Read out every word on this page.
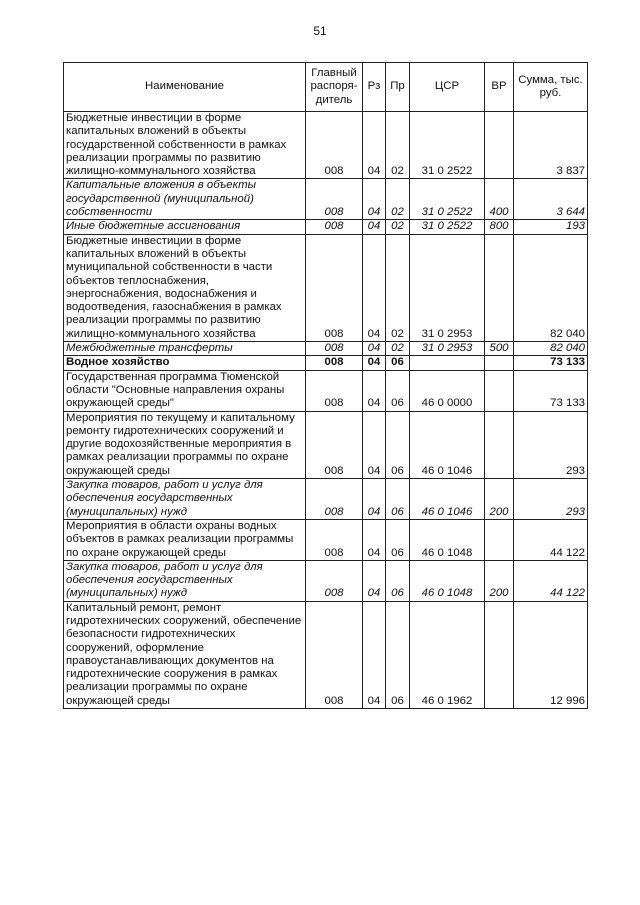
51
Наименование	Главный распоря-дитель	Рз	Пр	ЦСР	ВР	Сумма, тыс. руб.
Бюджетные инвестиции в форме капитальных вложений в объекты государственной собственности в рамках реализации программы по развитию жилищно-коммунального хозяйства	008	04	02	31 0 2522		3 837
Капитальные вложения в объекты государственной (муниципальной) собственности	008	04	02	31 0 2522	400	3 644
Иные бюджетные ассигнования	008	04	02	31 0 2522	800	193
Бюджетные инвестиции в форме капитальных вложений в объекты муниципальной собственности в части объектов теплоснабжения, энергоснабжения, водоснабжения и водоотведения, газоснабжения в рамках реализации программы по развитию жилищно-коммунального хозяйства	008	04	02	31 0 2953		82 040
Межбюджетные трансферты	008	04	02	31 0 2953	500	82 040
Водное хозяйство	008	04	06			73 133
Государственная программа Тюменской области "Основные направления охраны окружающей среды"	008	04	06	46 0 0000		73 133
Мероприятия по текущему и капитальному ремонту гидротехнических сооружений и другие водохозяйственные мероприятия в рамках реализации программы по охране окружающей среды	008	04	06	46 0 1046		293
Закупка товаров, работ и услуг для обеспечения государственных (муниципальных) нужд	008	04	06	46 0 1046	200	293
Мероприятия в области охраны водных объектов в рамках реализации программы по охране окружающей среды	008	04	06	46 0 1048		44 122
Закупка товаров, работ и услуг для обеспечения государственных (муниципальных) нужд	008	04	06	46 0 1048	200	44 122
Капитальный ремонт, ремонт гидротехнических сооружений, обеспечение безопасности гидротехнических сооружений, оформление правоустанавливающих документов на гидротехнические сооружения в рамках реализации программы по охране окружающей среды	008	04	06	46 0 1962		12 996
